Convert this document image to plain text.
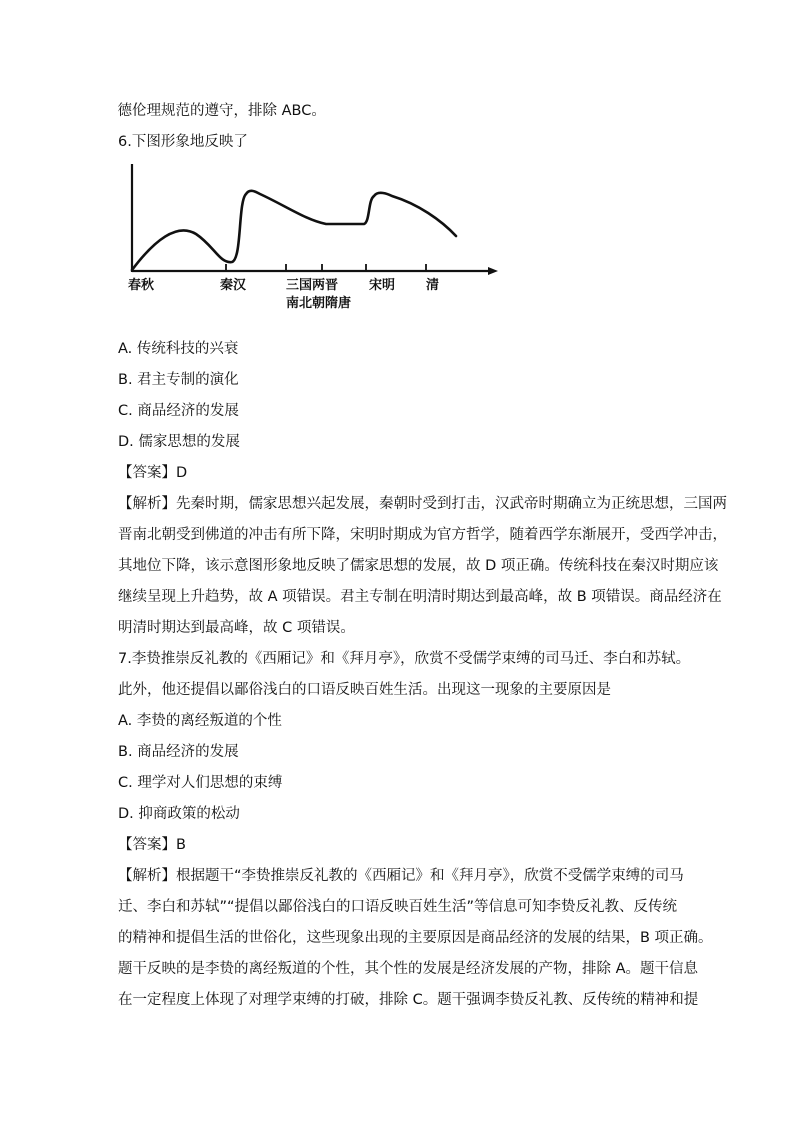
德伦理规范的遵守，排除 ABC。
6.下图形象地反映了
春秋	秦汉	三国两晋
南北朝隋唐
宋明 清
A. 传统科技的兴衰
B. 君主专制的演化
C. 商品经济的发展
D. 儒家思想的发展
【答案】D
【解析】先秦时期，儒家思想兴起发展，秦朝时受到打击，汉武帝时期确立为正统思想，三国两
晋南北朝受到佛道的冲击有所下降，宋明时期成为官方哲学，随着西学东渐展开，受西学冲击，
其地位下降，该示意图形象地反映了儒家思想的发展，故 D 项正确。传统科技在秦汉时期应该
继续呈现上升趋势，故 A 项错误。君主专制在明清时期达到最高峰，故 B 项错误。商品经济在
明清时期达到最高峰，故 C 项错误。
7.李贽推崇反礼教的《西厢记》和《拜月亭》，欣赏不受儒学束缚的司马迁、李白和苏轼。
此外，他还提倡以鄙俗浅白的口语反映百姓生活。出现这一现象的主要原因是
A. 李贽的离经叛道的个性
B. 商品经济的发展
C. 理学对人们思想的束缚
D. 抑商政策的松动
【答案】B
【解析】根据题干“李贽推崇反礼教的《西厢记》和《拜月亭》，欣赏不受儒学束缚的司马
迁、李白和苏轼”“提倡以鄙俗浅白的口语反映百姓生活”等信息可知李贽反礼教、反传统
的精神和提倡生活的世俗化，这些现象出现的主要原因是商品经济的发展的结果，B 项正确。
题干反映的是李贽的离经叛道的个性，其个性的发展是经济发展的产物，排除 A。题干信息
在一定程度上体现了对理学束缚的打破，排除 C。题干强调李贽反礼教、反传统的精神和提
